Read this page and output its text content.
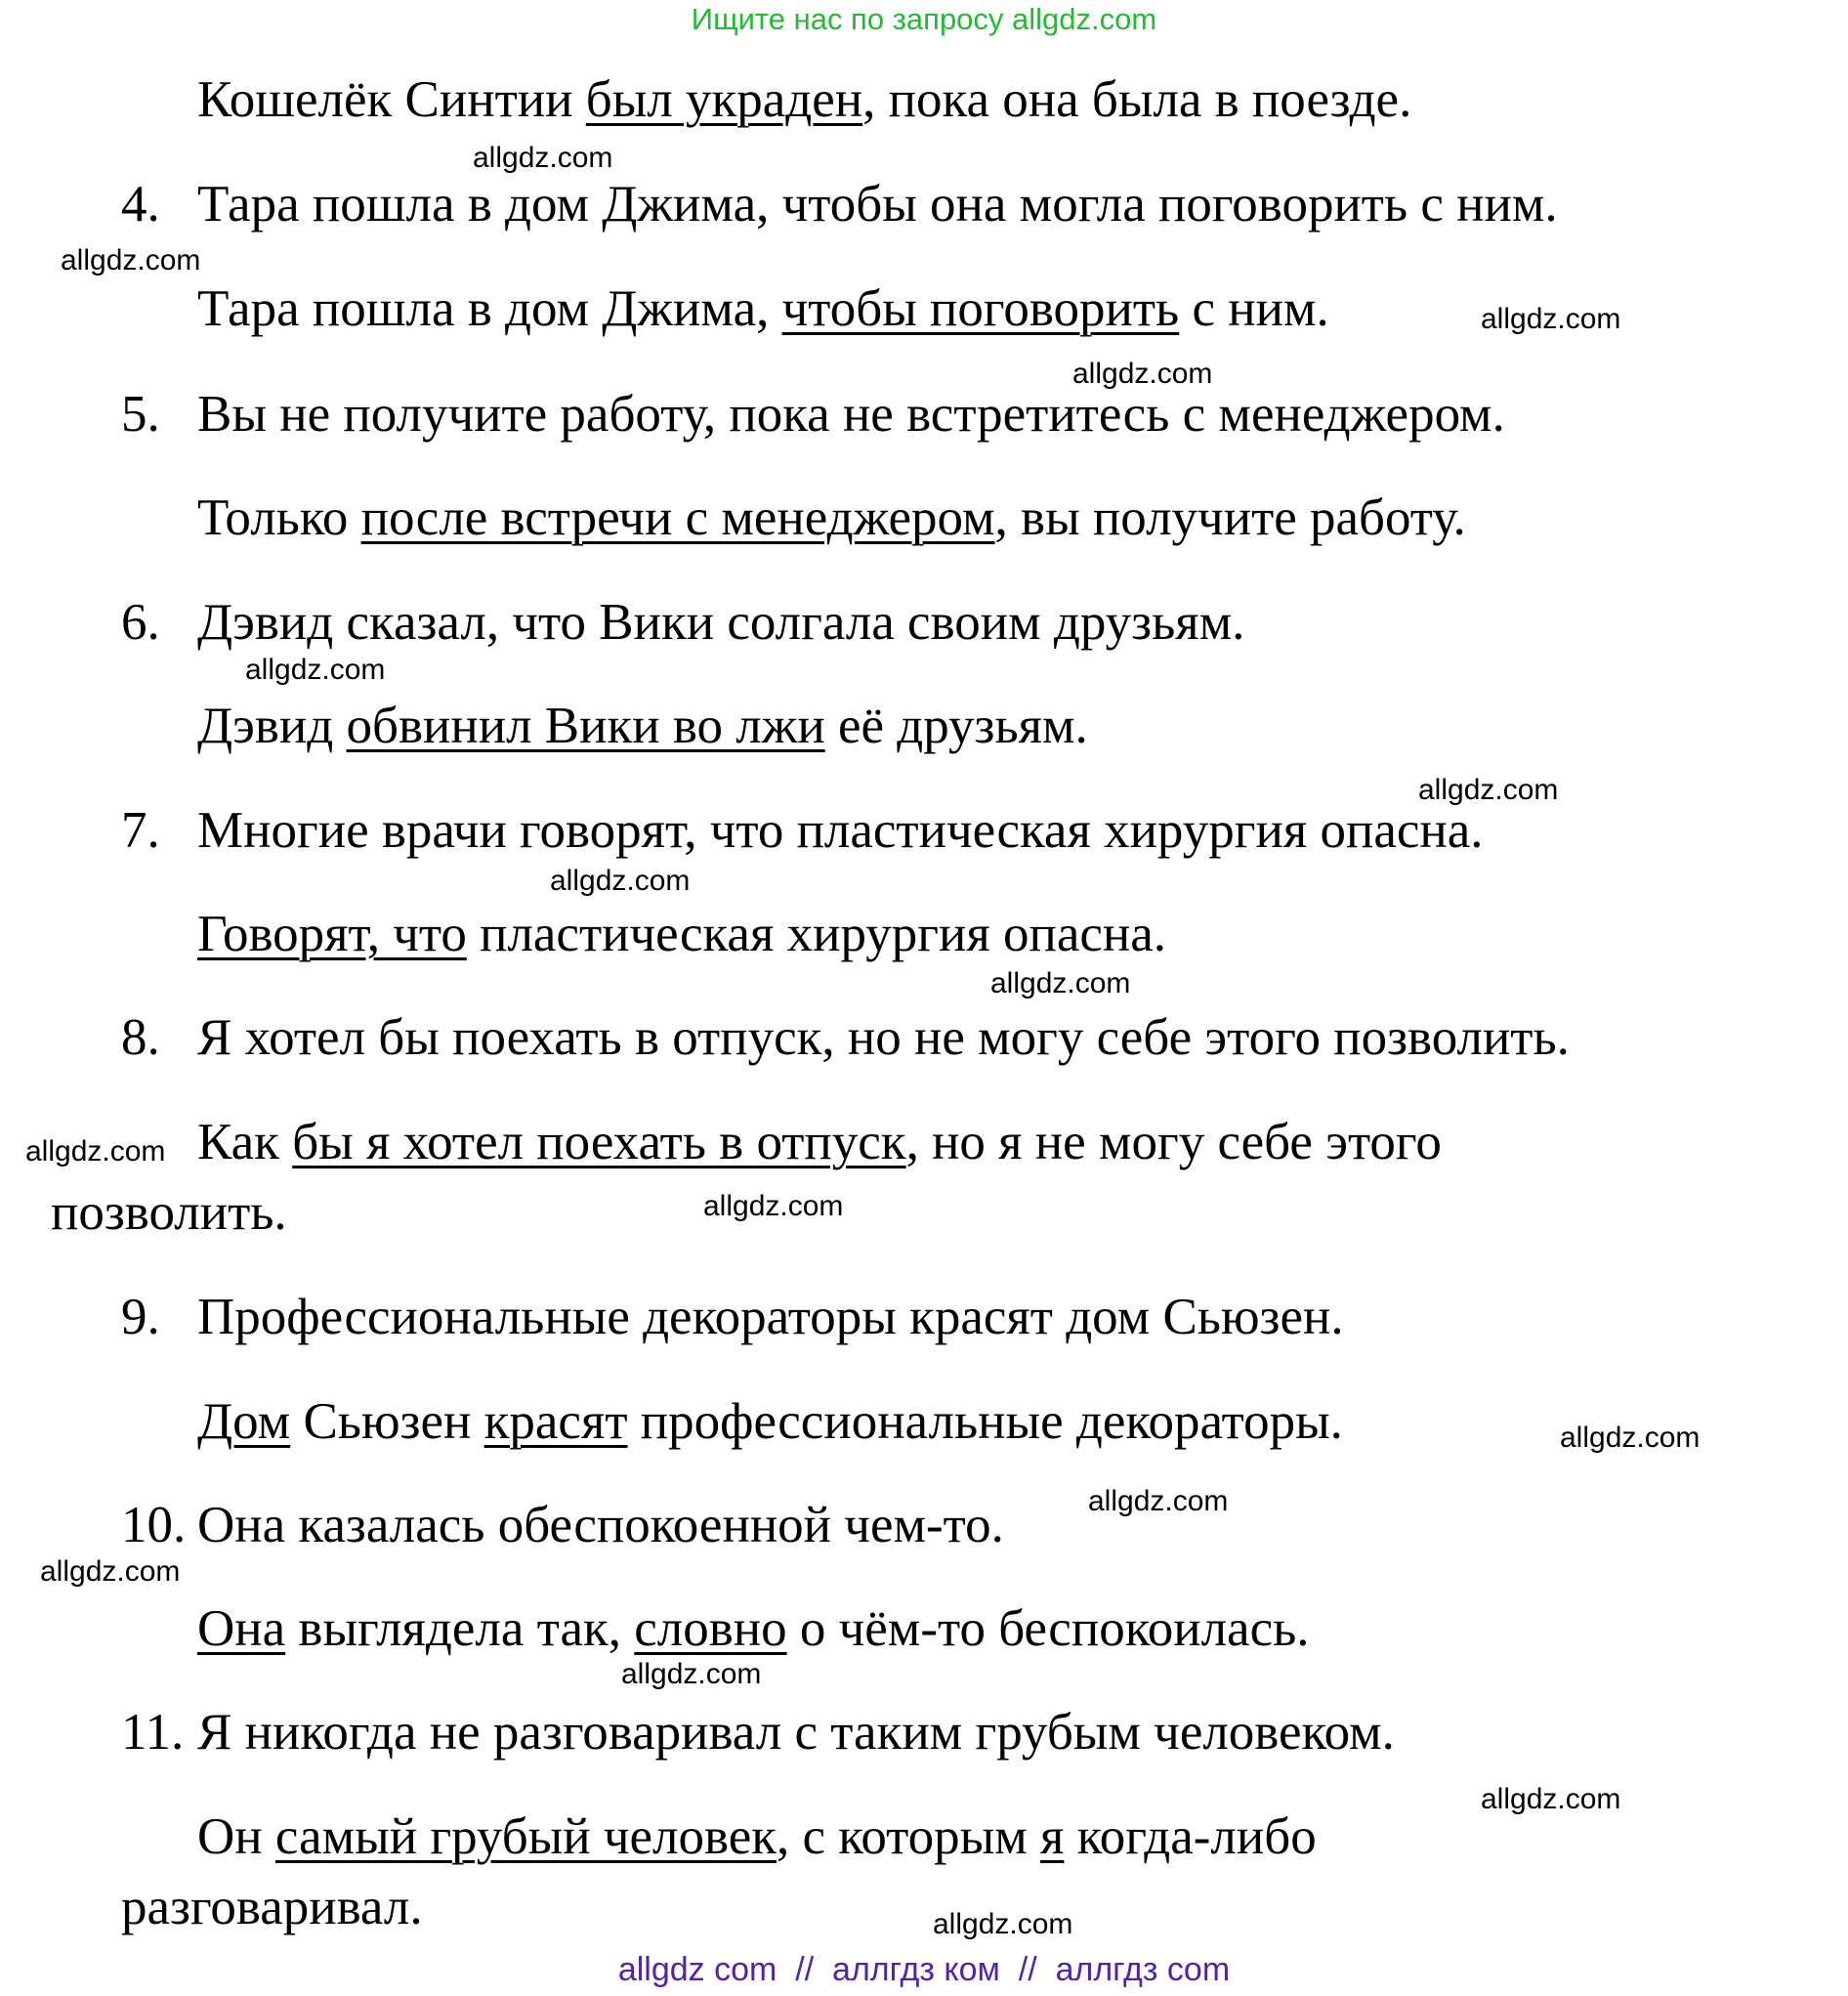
Ищите нас по запросу allgdz.com
Кошелёк Синтии был украден, пока она была в поезде.
4. Тара пошла в дом Джима, чтобы она могла поговорить с ним.
Тара пошла в дом Джима, чтобы поговорить с ним.
5. Вы не получите работу, пока не встретитесь с менеджером.
Только после встречи с менеджером, вы получите работу.
6. Дэвид сказал, что Вики солгала своим друзьям.
Дэвид обвинил Вики во лжи её друзьям.
7. Многие врачи говорят, что пластическая хирургия опасна.
Говорят, что пластическая хирургия опасна.
8. Я хотел бы поехать в отпуск, но не могу себе этого позволить.
Как бы я хотел поехать в отпуск, но я не могу себе этого
позволить.
9. Профессиональные декораторы красят дом Сьюзен.
Дом Сьюзен красят профессиональные декораторы.
10. Она казалась обеспокоенной чем-то.
Она выглядела так, словно о чём-то беспокоилась.
11. Я никогда не разговаривал с таким грубым человеком.
Он самый грубый человек, с которым я когда-либо
разговаривал.
allgdz.com
allgdz.com
allgdz.com
allgdz.com
allgdz.com
allgdz.com
allgdz.com
allgdz.com
allgdz.com
allgdz.com
allgdz.com
allgdz.com
allgdz.com
allgdz.com
allgdz.com
allgdz.com
allgdz com  //  аллгдз ком  //  аллгдз com
